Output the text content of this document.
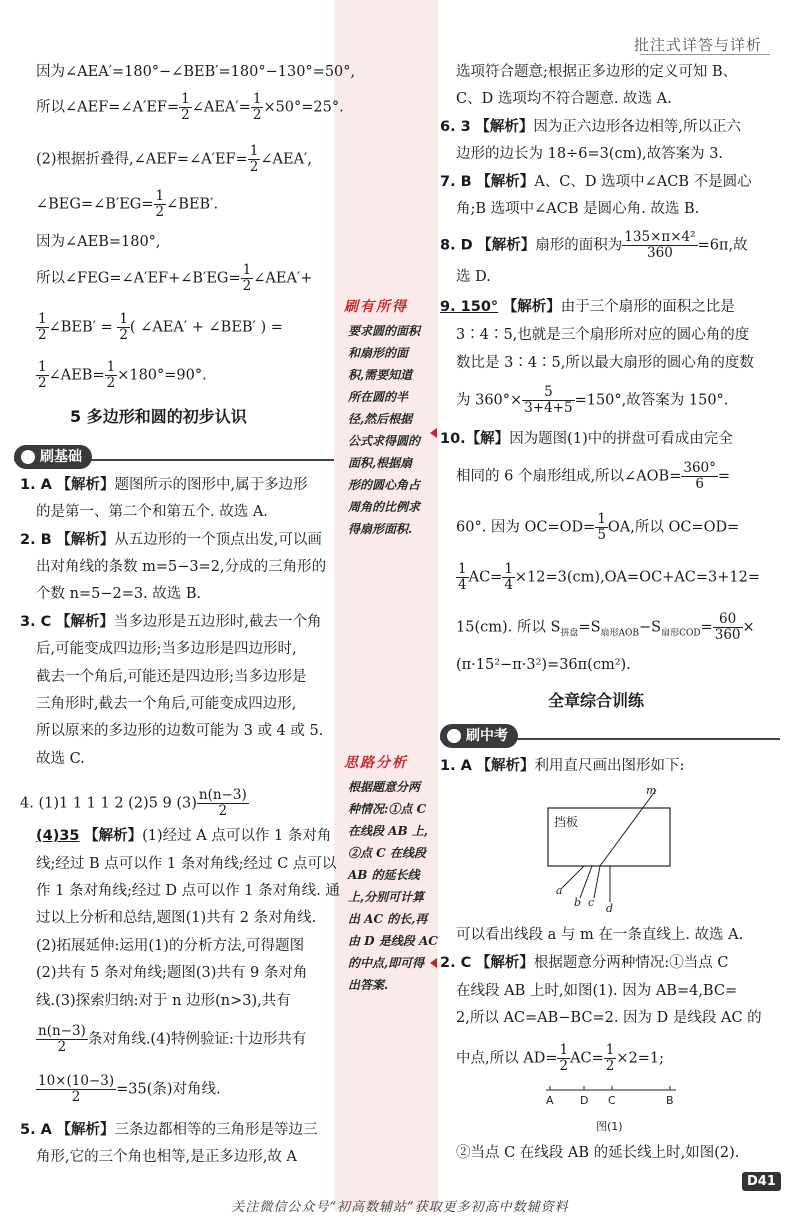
批注式详答与详析
因为∠AEA′=180°−∠BEB′=180°−130°=50°,
所以∠AEF=∠A′EF= $\frac{1}{2}$ ∠AEA′= $\frac{1}{2} \times 50^\circ=25^\circ$.
(2)根据折叠得,∠AEF=∠A′EF= $\frac{1}{2}$ ∠AEA′,
∠BEG=∠B′EG= $\frac{1}{2}$ ∠BEB′.
因为∠AEB=180°,
所以∠FEG=∠A′EF+∠B′EG= $\frac{1}{2}$ ∠AEA′+
$\frac{1}{2}$ ∠BEB′ = $\frac{1}{2}$ ( ∠AEA′ + ∠BEB′ ) =
$\frac{1}{2}$ ∠AEB= $\frac{1}{2} \times 180^\circ=90^\circ$.
5 多边形和圆的初步认识
刷基础
1. A 【解析】题图所示的图形中,属于多边形
的是第一、第二个和第五个. 故选 A.
2. B 【解析】从五边形的一个顶点出发,可以画
出对角线的条数 m=5−3=2,分成的三角形的
个数 n=5−2=3. 故选 B.
3. C 【解析】当多边形是五边形时,截去一个角
后,可能变成四边形;当多边形是四边形时,
截去一个角后,可能还是四边形;当多边形是
三角形时,截去一个角后,可能变成四边形,
所以原来的多边形的边数可能为 3 或 4 或 5.
故选 C.
4. (1)1 1 1 1 2 (2)5 9 $(3) \frac{n(n-3)}{2}$
(4)35 【解析】(1)经过 A 点可以作 1 条对角
线;经过 B 点可以作 1 条对角线;经过 C 点可以
作 1 条对角线;经过 D 点可以作 1 条对角线. 通
过以上分析和总结,题图(1)共有 2 条对角线.
(2)拓展延伸:运用(1)的分析方法,可得题图
(2)共有 5 条对角线;题图(3)共有 9 条对角
线.(3)探索归纳:对于 n 边形(n>3),共有
$\frac{n(n-3)}{2}$ 条对角线.(4)特例验证:十边形共有
$\frac{10\times(10-3)}{2} =35$(条)对角线.
5. A 【解析】三条边都相等的三角形是等边三
角形,它的三个角也相等,是正多边形,故 A
刷有所得
要求圆的面积
和扇形的面
积,需要知道
所在圆的半
径,然后根据
公式求得圆的
面积,根据扇
形的圆心角占
周角的比例求
得扇形面积.
思路分析
根据题意分两
种情况:①点 C
在线段 AB 上,
②点 C 在线段
AB 的延长线
上,分别可计算
出 AC 的长,再
由 D 是线段 AC
的中点,即可得
出答案.
选项符合题意;根据正多边形的定义可知 B、
C、D 选项均不符合题意. 故选 A.
6. 3 【解析】因为正六边形各边相等,所以正六
边形的边长为 18÷6=3(cm),故答案为 3.
7. B 【解析】A、C、D 选项中∠ACB 不是圆心
角;B 选项中∠ACB 是圆心角. 故选 B.
8. D 【解析】扇形的面积为 $\frac{\text{135×π×4²}}{360} =6\pi$,故
选 D.
9. 150° 【解析】由于三个扇形的面积之比是
3∶4∶5,也就是三个扇形所对应的圆心角的度
数比是 3∶4∶5,所以最大扇形的圆心角的度数
为 $360^\circ\times \frac{5}{3+4+5} =150^\circ$,故答案为 150°.
10.【解】因为题图(1)中的拼盘可看成由完全
相同的 6 个扇形组成,所以∠AOB= $\frac{360^\circ}{6}$ =
60°. 因为 $OC=OD= \frac{1}{5}$ OA,所以 OC=OD=
$\frac{1}{4} AC= \frac{1}{4} \times 12=3(cm),OA=OC+AC=3+12=$
15(cm). 所以 $S_{拼盘}=S_{扇形AOB}-S_{扇形COD}= \frac{60}{360}$ ×
(π·15²−π·3²)=36π(cm²).
全章综合训练
刷中考
1. A 【解析】利用直尺画出图形如下:
挡板
m
a
b c d
可以看出线段 a 与 m 在一条直线上. 故选 A.
2. C 【解析】根据题意分两种情况:①当点 C
在线段 AB 上时,如图(1). 因为 AB=4,BC=
2,所以 AC=AB−BC=2. 因为 D 是线段 AC 的
中点,所以 $AD= \frac{1}{2} AC= \frac{1}{2} \times 2=1$;
A D C	B
图(1)
②当点 C 在线段 AB 的延长线上时,如图(2).
D41
关注微信公众号“初高数辅站”获取更多初高中数辅资料
